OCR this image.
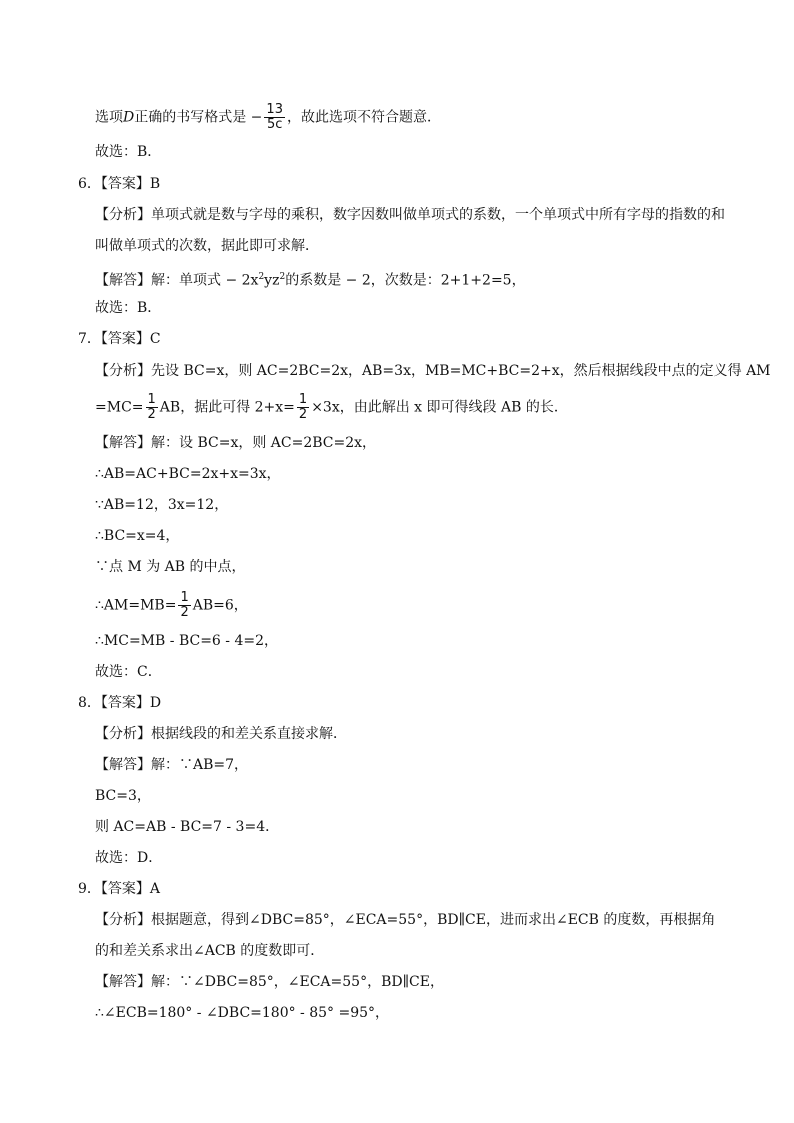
选项D正确的书写格式是 − $\frac{13}{5c}$ ，故此选项不符合题意．
故选：B．
6．【答案】B
【分析】单项式就是数与字母的乘积，数字因数叫做单项式的系数，一个单项式中所有字母的指数的和
叫做单项式的次数，据此即可求解．
【解答】解：单项式 − $2x^2yz^2$的系数是 − 2，次数是：2+1+2=5，
故选：B．
7．【答案】C
【分析】先设 BC=x，则 AC=2BC=2x，AB=3x，MB=MC+BC=2+x，然后根据线段中点的定义得 AM
$=MC= \frac{1}{2}$ AB，据此可得 $2+x= \frac{1}{2} \times 3x$，由此解出 x 即可得线段 AB 的长．
【解答】解：设 BC=x，则 AC=2BC=2x，
∴AB=AC+BC=2x+x=3x，
∵AB=12，3x=12，
∴BC=x=4，
∵点 M 为 AB 的中点，
∴AM=MB= $\frac{1}{2} AB=6$，
∴MC=MB - BC=6 - 4=2，
故选：C．
8．【答案】D
【分析】根据线段的和差关系直接求解．
【解答】解：∵AB=7，
BC=3，
则 AC=AB - BC=7 - 3=4．
故选：D．
9．【答案】A
【分析】根据题意，得到∠DBC=85°，∠ECA=55°，BD∥CE，进而求出∠ECB 的度数，再根据角
的和差关系求出∠ACB 的度数即可．
【解答】解：∵∠DBC=85°，∠ECA=55°，BD∥CE，
∴∠ECB=180° - ∠DBC=180° - 85° =95°，
